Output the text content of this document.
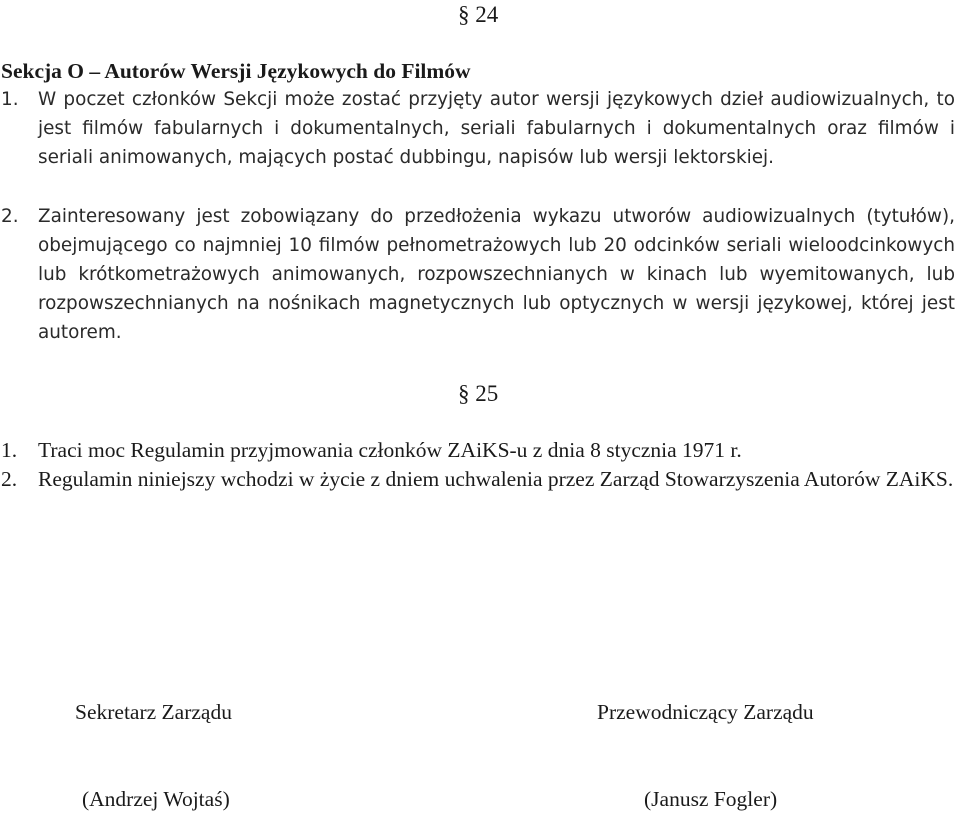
§ 24
Sekcja O – Autorów Wersji Językowych do Filmów
1.	W poczet członków Sekcji może zostać przyjęty autor wersji językowych dzieł audiowizualnych, to jest filmów fabularnych i dokumentalnych, seriali fabularnych i dokumentalnych oraz filmów i seriali animowanych, mających postać dubbingu, napisów lub wersji lektorskiej.
2.	Zainteresowany jest zobowiązany do przedłożenia wykazu utworów audiowizualnych (tytułów), obejmującego co najmniej 10 filmów pełnometrażowych lub 20 odcinków seriali wieloodcinkowych lub krótkometrażowych animowanych, rozpowszechnianych w kinach lub wyemitowanych, lub rozpowszechnianych na nośnikach magnetycznych lub optycznych w wersji językowej, której jest autorem.
§ 25
1. Traci moc Regulamin przyjmowania członków ZAiKS-u z dnia 8 stycznia 1971 r.
2. Regulamin niniejszy wchodzi w życie z dniem uchwalenia przez Zarząd Stowarzyszenia Autorów ZAiKS.
Sekretarz Zarządu	Przewodniczący Zarządu
(Andrzej Wojtaś)	(Janusz Fogler)
